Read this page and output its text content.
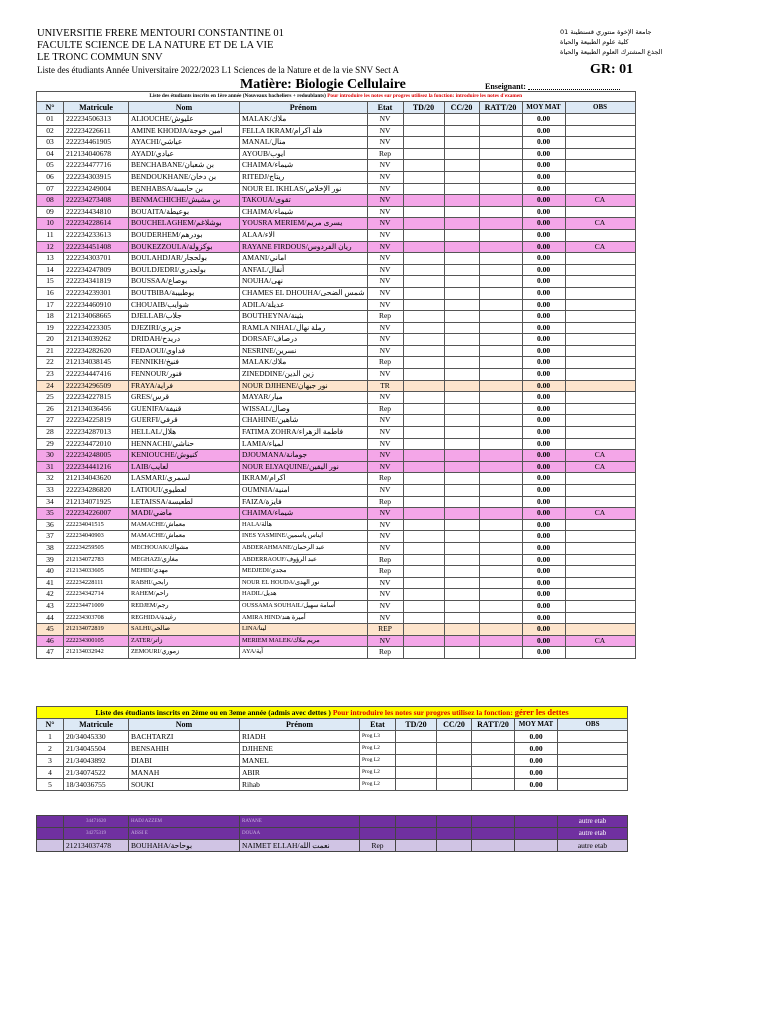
UNIVERSITIE FRERE MENTOURI CONSTANTINE 01
FACULTE SCIENCE DE LA NATURE ET DE LA VIE
LE TRONC COMMUN SNV
Liste des étudiants Année Universitaire 2022/2023 L1 Sciences de la Nature et de la vie SNV Sect A
جامعة الإخوة منتوري قسنطينة 01
كلية علوم الطبيعة والحياة
الجذع المشترك العلوم الطبيعة والحياة
GR: 01
Matière: Biologie Cellulaire	Enseignant:
Liste des étudiants inscrits en 1ère année (Nouveaux bacheliers + redoublants) Pour introduire les notes sur progres utilisez la fonction: introduire les notes d'examen									
N°	Matricule	Nom	Prénom	Etat	TD/20	CC/20	RATT/20	MOY MAT	OBS
01	222234506313	ALIOUCHE/عليوش	MALAK/ملاك	NV				0.00	
02	222234226611	AMINE KHODJA/امين خوجة	FELLA IKRAM/فلة اكرام	NV				0.00	
03	222234461905	AYACHI/عياشي	MANAL/منال	NV				0.00	
04	212134040678	AYADI/عيادي	AYOUB/ايوب	Rep				0.00	
05	222234477716	BENCHABANE/بن شعبان	CHAIMA/شيماء	NV				0.00	
06	222234303915	BENDOUKHANE/بن دخان	RITEDJ/ريتاج	NV				0.00	
07	222234249004	BENHABSA/بن حابسة	NOUR EL IKHLAS/نور الإخلاص	NV				0.00	
08	222234273408	BENMACHICHE/بن مشيش	TAKOUA/تقوى	NV				0.00	CA
09	222234434810	BOUAITA/بوعيطة	CHAIMA/شيماء	NV				0.00	
10	222234228614	BOUCHELAGHEM/بوشلاغم	YOUSRA MERIEM/يسرى مريم	NV				0.00	CA
11	222234233613	BOUDERHEM/بودرهم	ALAA/الاء	NV				0.00	
12	222234451408	BOUKEZZOULA/بوكزولة	RAYANE FIRDOUS/ريان الفردوس	NV				0.00	CA
13	222234303701	BOULAHDJAR/بولحجار	AMANI/اماني	NV				0.00	
14	222234247809	BOULDJEDRI/بولجدري	ANFAL/أنفال	NV				0.00	
15	222234341819	BOUSSAA/بوصاع	NOUHA/نهى	NV				0.00	
16	222234239301	BOUTBIBA/بوطبيبة	CHAMES EL DHOUHA/شمس الضحى	NV				0.00	
17	222234460910	CHOUAIB/شوايب	ADILA/عديلة	NV				0.00	
18	212134068665	DJELLAB/جلاب	BOUTHEYNA/بثينة	Rep				0.00	
19	222234223305	DJEZIRI/جزيري	RAMLA NIHAL/رملة نهال	NV				0.00	
20	212134039262	DRIDAH/دريدح	DORSAF/درصاف	NV				0.00	
21	222234282620	FEDAOUI/فداوي	NESRINE/نسرين	NV				0.00	
22	212134038145	FENNIKH/فنيخ	MALAK/ملاك	Rep				0.00	
23	222234447416	FENNOUR/فنور	ZINEDDINE/زين الدين	NV				0.00	
24	222234296509	FRAYA/فراية	NOUR DJIHENE/نور جيهان	TR				0.00	
25	222234227815	GRES/قرس	MAYAR/ميار	NV				0.00	
26	212134036456	GUENIFA/قنيفة	WISSAL/وصال	Rep				0.00	
27	222234225819	GUERFI/قرفي	CHAHINE/شاهين	NV				0.00	
28	222234287013	HELLAL/هلال	FATIMA ZOHRA/فاطمة الزهراء	NV				0.00	
29	222234472010	HENNACHI/حناشي	LAMIA/لمياء	NV				0.00	
30	222234248005	KENIOUCHE/كنيوش	DJOUMANA/جومانة	NV				0.00	CA
31	222234441216	LAIB/لعايب	NOUR ELYAQUINE/نور اليقين	NV				0.00	CA
32	212134043620	LASMARI/لسمري	IKRAM/اكرام	Rep				0.00	
33	222234286820	LATIOUI/لعطيوي	OUMNIA/امنية	NV				0.00	
34	212134071925	LETAISSA/لطعيسة	FAIZA/فايزة	Rep				0.00	
35	222234226007	MADI/ماضي	CHAIMA/شيماء	NV				0.00	CA
36	222234041515	MAMACHE/معماش	HALA/هالة	NV				0.00	
37	222234040903	MAMACHE/معماش	INES YASMINE/ايناس ياسمين	NV				0.00	
38	222234259505	MECHOUAK/مشواك	ABDERAHMANE/عبد الرحمان	NV				0.00	
39	212134072783	MEGHAZI/مغازي	ABDERRAOUF/عبد الرؤوف	Rep				0.00	
40	212134033605	MEHDI/مهدي	MEDJEDI/مجدي	Rep				0.00	
41	222234228111	RABHI/رابحي	NOUR EL HOUDA/نور الهدى	NV				0.00	
42	222234342714	RAHEM/راحم	HADIL/هديل	NV				0.00	
43	222234471009	REDJEM/رجم	OUSSAMA SOUHAIL/أسامة سهيل	NV				0.00	
44	222234303708	REGHIDA/رغيدة	AMIRA HIND/أميرة هند	NV				0.00	
45	212134072819	SALHI/صالحي	LINA/لينا	REP				0.00	
46	222234300105	ZATER/زاتر	MERIEM MALEK/مريم ملاك	NV				0.00	CA
47	212134032942	ZEMOURI/زموري	AYA/آية	Rep				0.00	
Liste des étudiants inscrits en 2ème ou en 3eme année (admis avec dettes ) Pour introduire les notes sur progres utilisez la fonction: gérer les dettes									
N°	Matricule	Nom	Prénom	Etat	TD/20	CC/20	RATT/20	MOY MAT	OBS
1	20/34045330	BACHTARZI	RIADH	Prog L3				0.00	
2	21/34045504	BENSAHIH	DJIHENE	Prog L2				0.00	
3	21/34043892	DIABI	MANEL	Prog L2				0.00	
4	21/34074522	MANAH	ABIR	Prog L2				0.00	
5	18/34036755	SOUKI	Rihab	Prog L2				0.00	
	34471620	HADJ AZZEM	RAYANE						autre etab
	34275319	AISSI E	DOUAA						autre etab
	212134037478	BOUHAHA/بوحاحة	NAIMET ELLAH/نعمت الله	Rep					autre etab
